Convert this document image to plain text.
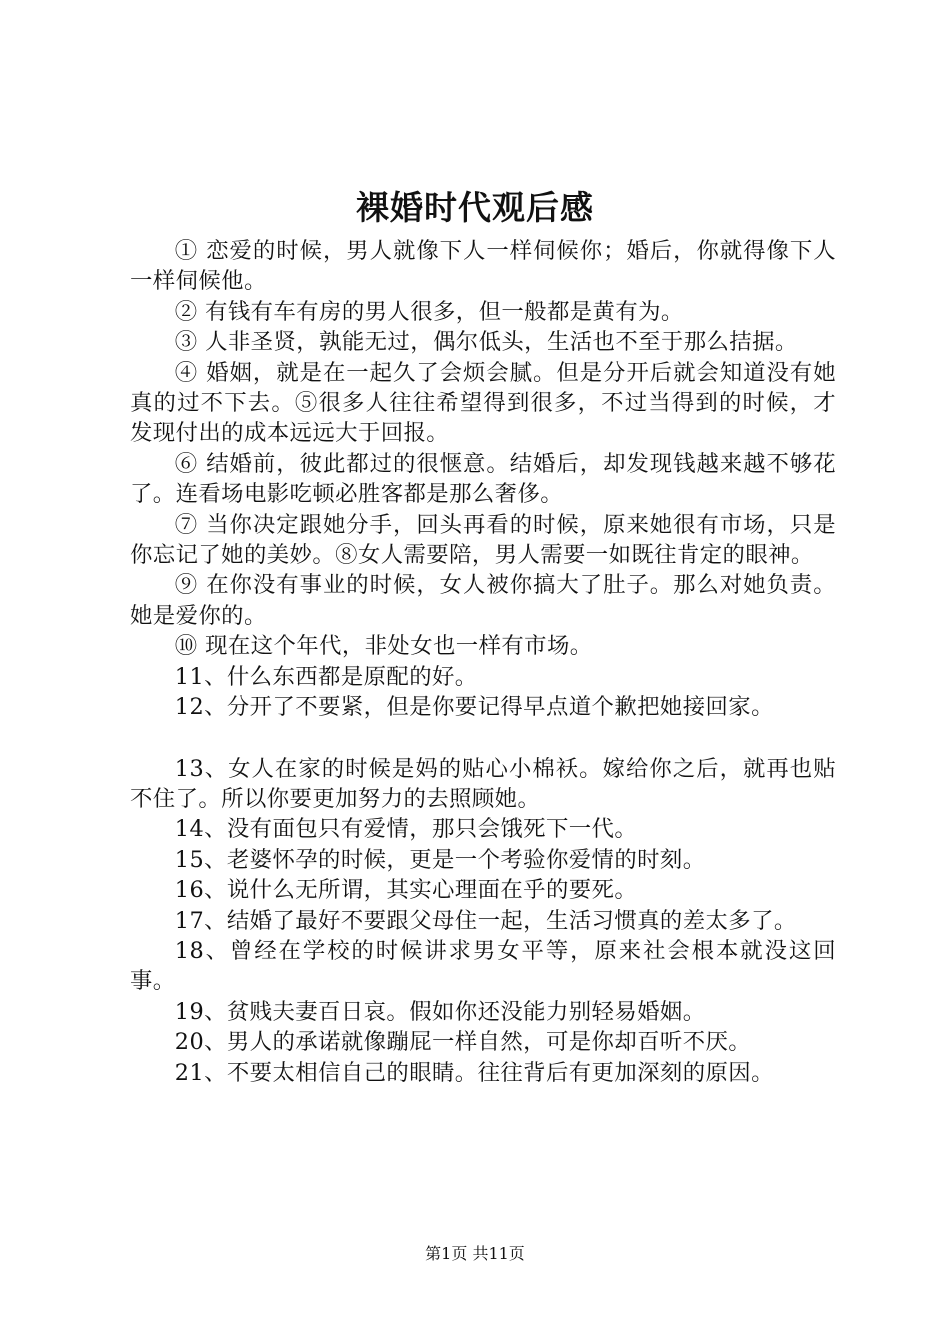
裸婚时代观后感

① 恋爱的时候，男人就像下人一样伺候你；婚后，你就得像下人一样伺候他。

② 有钱有车有房的男人很多，但一般都是黄有为。

③ 人非圣贤，孰能无过，偶尔低头，生活也不至于那么拮据。

④ 婚姻，就是在一起久了会烦会腻。但是分开后就会知道没有她真的过不下去。⑤很多人往往希望得到很多，不过当得到的时候，才发现付出的成本远远大于回报。

⑥ 结婚前，彼此都过的很惬意。结婚后，却发现钱越来越不够花了。连看场电影吃顿必胜客都是那么奢侈。

⑦ 当你决定跟她分手，回头再看的时候，原来她很有市场，只是你忘记了她的美妙。⑧女人需要陪，男人需要一如既往肯定的眼神。

⑨ 在你没有事业的时候，女人被你搞大了肚子。那么对她负责。她是爱你的。

⑩ 现在这个年代，非处女也一样有市场。

11、什么东西都是原配的好。

12、分开了不要紧，但是你要记得早点道个歉把她接回家。

13、女人在家的时候是妈的贴心小棉袄。嫁给你之后，就再也贴不住了。所以你要更加努力的去照顾她。

14、没有面包只有爱情，那只会饿死下一代。

15、老婆怀孕的时候，更是一个考验你爱情的时刻。

16、说什么无所谓，其实心理面在乎的要死。

17、结婚了最好不要跟父母住一起，生活习惯真的差太多了。

18、曾经在学校的时候讲求男女平等，原来社会根本就没这回事。

19、贫贱夫妻百日哀。假如你还没能力别轻易婚姻。

20、男人的承诺就像蹦屁一样自然，可是你却百听不厌。

21、不要太相信自己的眼睛。往往背后有更加深刻的原因。

第1页 共11页
